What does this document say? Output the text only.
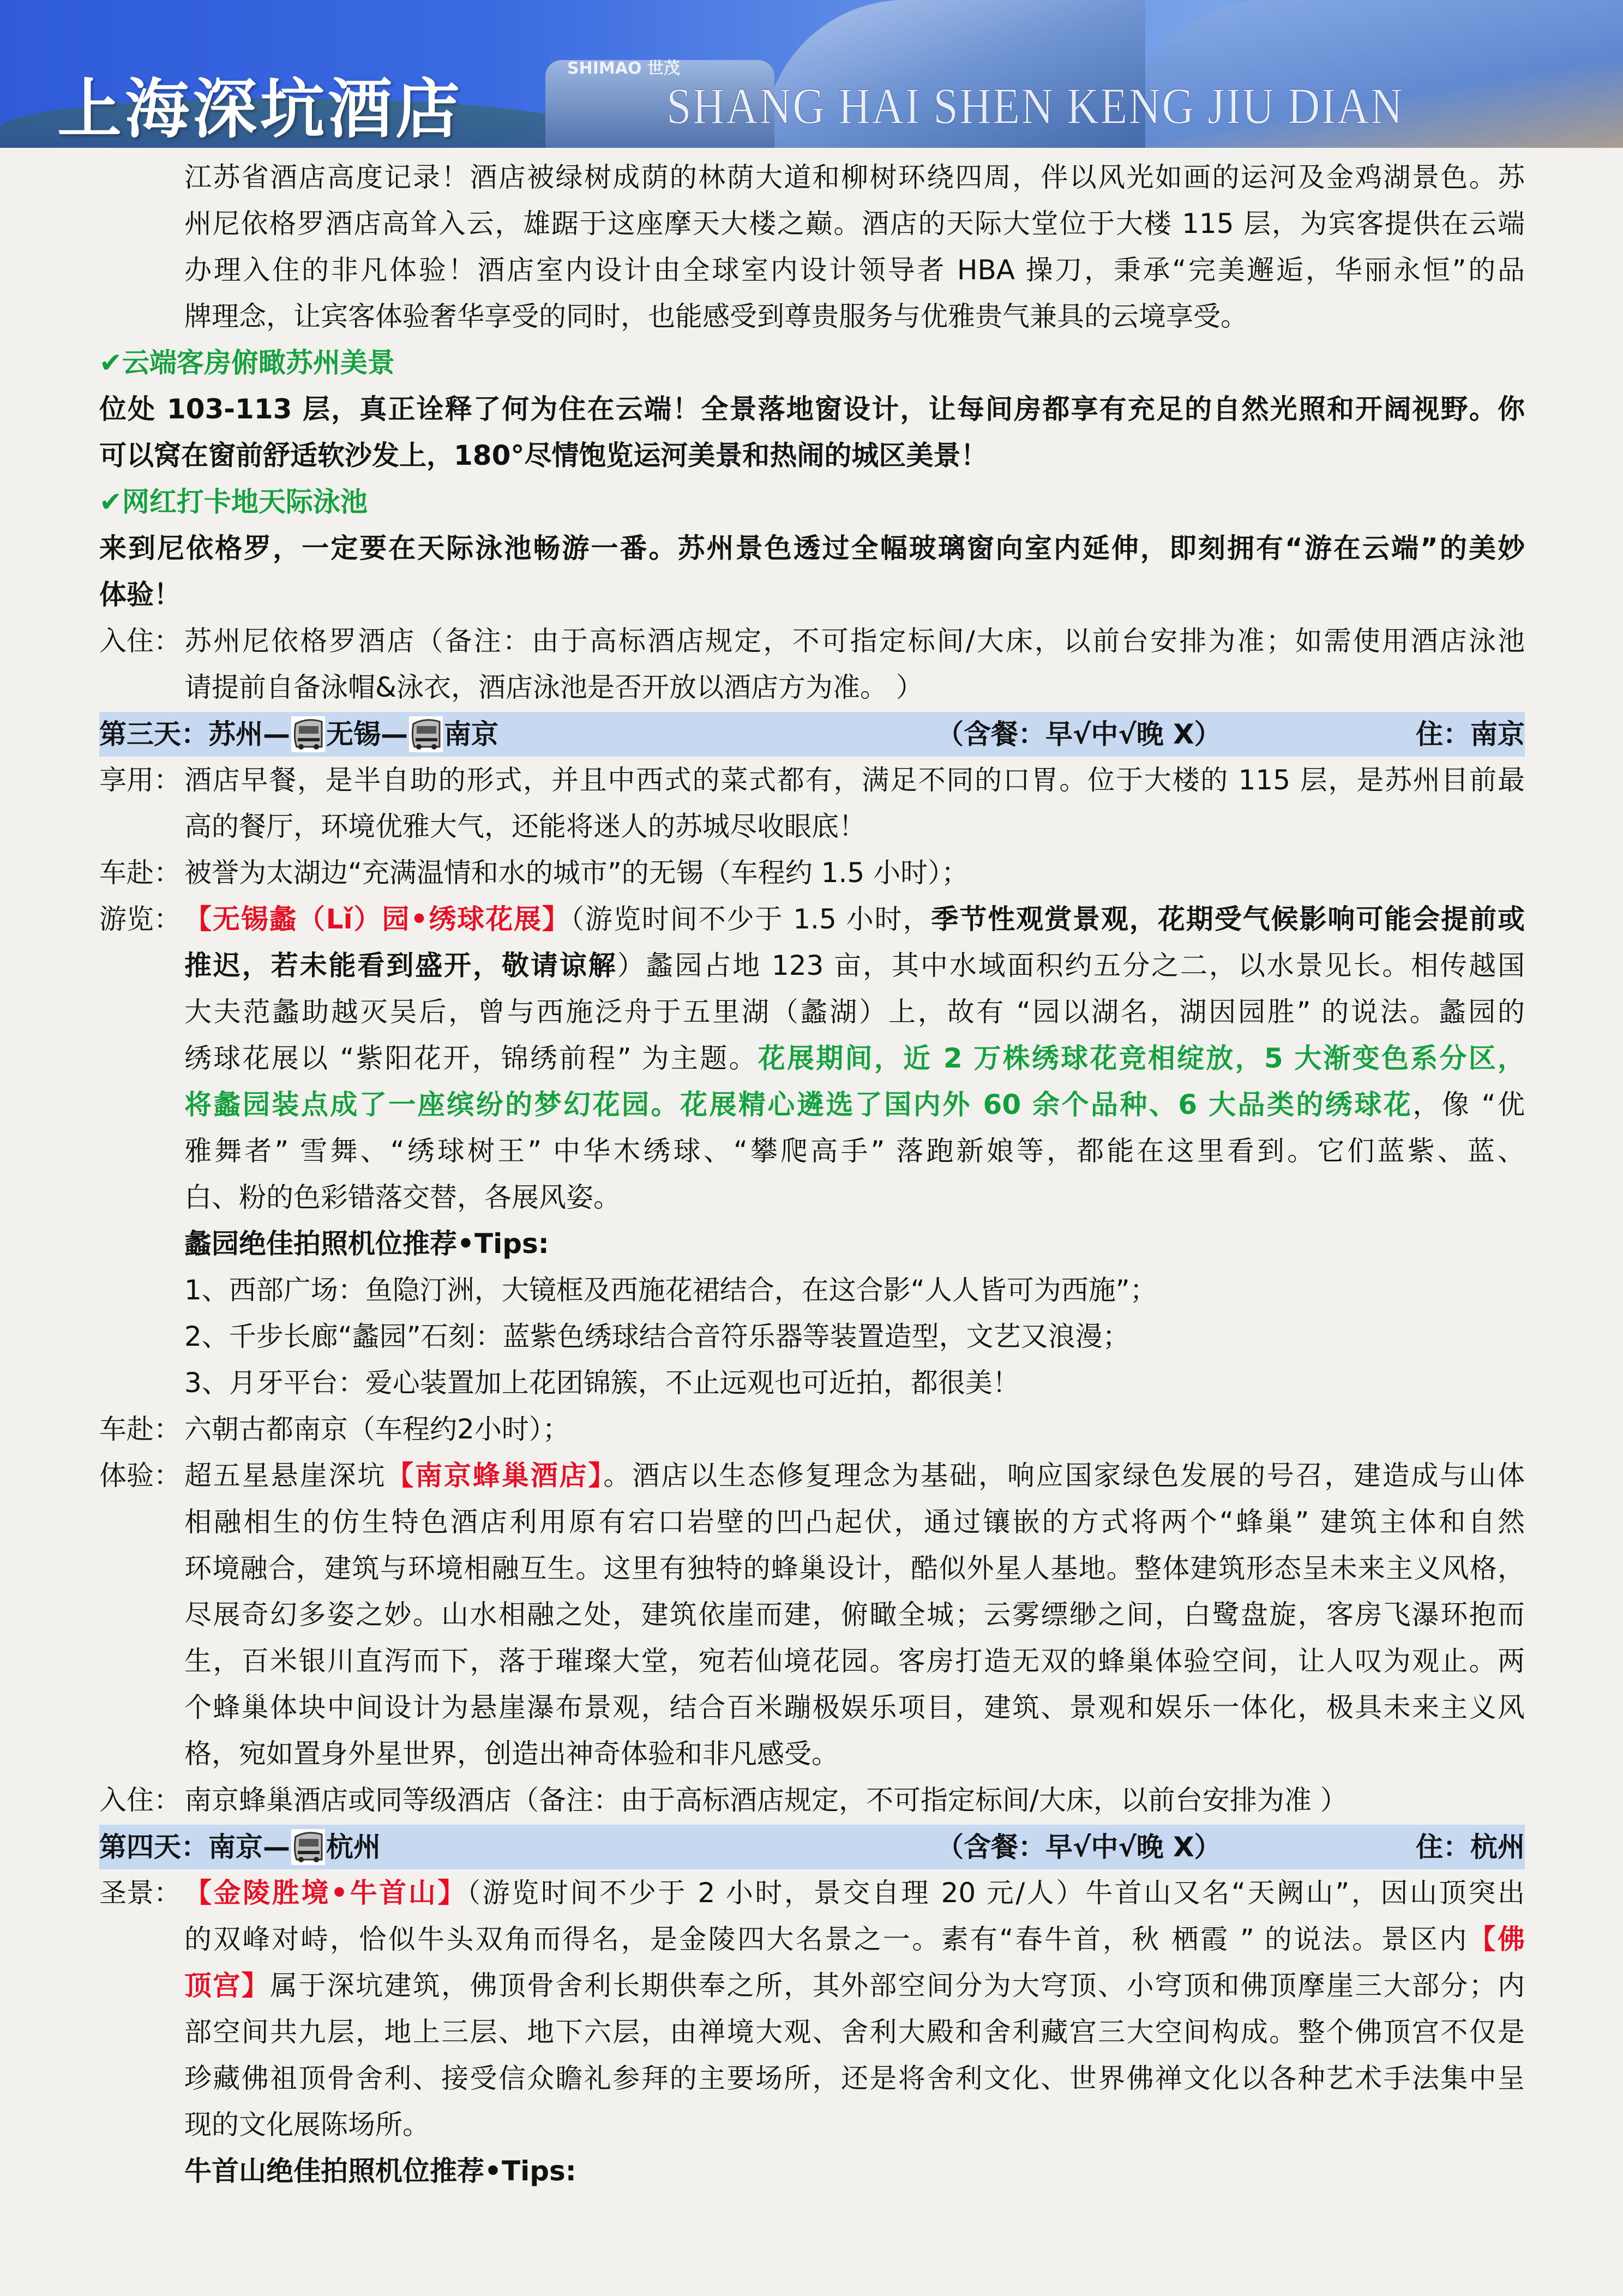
SHIMAO 世茂
上海深坑酒店	SHANG HAI SHEN KENG JIU DIAN
江苏省酒店高度记录！酒店被绿树成荫的林荫大道和柳树环绕四周，伴以风光如画的运河及金鸡湖景色。苏
州尼依格罗酒店高耸入云，雄踞于这座摩天大楼之巅。酒店的天际大堂位于大楼 115 层，为宾客提供在云端
办理入住的非凡体验！酒店室内设计由全球室内设计领导者 HBA 操刀，秉承“完美邂逅，华丽永恒”的品
牌理念，让宾客体验奢华享受的同时，也能感受到尊贵服务与优雅贵气兼具的云境享受。
✔云端客房俯瞰苏州美景
位处 103-113 层，真正诠释了何为住在云端！全景落地窗设计，让每间房都享有充足的自然光照和开阔视野。你
可以窝在窗前舒适软沙发上，180°尽情饱览运河美景和热闹的城区美景！
✔网红打卡地天际泳池
来到尼依格罗，一定要在天际泳池畅游一番。苏州景色透过全幅玻璃窗向室内延伸，即刻拥有“游在云端”的美妙
体验！
入住： 苏州尼依格罗酒店（备注：由于高标酒店规定，不可指定标间/大床，以前台安排为准；如需使用酒店泳池
请提前自备泳帽&泳衣，酒店泳池是否开放以酒店方为准。 ）
第三天：苏州— 无锡— 南京	（含餐：早√中√晚 X）	住：南京
享用： 酒店早餐，是半自助的形式，并且中西式的菜式都有，满足不同的口胃。位于大楼的 115 层，是苏州目前最
高的餐厅，环境优雅大气，还能将迷人的苏城尽收眼底！
车赴： 被誉为太湖边“充满温情和水的城市”的无锡（车程约 1.5 小时）；
游览： 【无锡蠡（Lǐ）园•绣球花展】（游览时间不少于 1.5 小时，季节性观赏景观，花期受气候影响可能会提前或
推迟，若未能看到盛开，敬请谅解）蠡园占地 123 亩，其中水域面积约五分之二，以水景见长。相传越国
大夫范蠡助越灭吴后，曾与西施泛舟于五里湖（蠡湖）上，故有 “园以湖名，湖因园胜” 的说法。蠡园的
绣球花展以 “紫阳花开，锦绣前程” 为主题。花展期间，近 2 万株绣球花竞相绽放，5 大渐变色系分区，
将蠡园装点成了一座缤纷的梦幻花园。花展精心遴选了国内外 60 余个品种、6 大品类的绣球花，像 “优
雅舞者” 雪舞、“绣球树王” 中华木绣球、“攀爬高手” 落跑新娘等，都能在这里看到。它们蓝紫、蓝、
白、粉的色彩错落交替，各展风姿。
蠡园绝佳拍照机位推荐•Tips:
1、西部广场：鱼隐汀洲，大镜框及西施花裙结合，在这合影“人人皆可为西施”；
2、千步长廊“蠡园”石刻：蓝紫色绣球结合音符乐器等装置造型，文艺又浪漫；
3、月牙平台：爱心装置加上花团锦簇，不止远观也可近拍，都很美！
车赴： 六朝古都南京（车程约2小时）；
体验： 超五星悬崖深坑【南京蜂巢酒店】。酒店以生态修复理念为基础，响应国家绿色发展的号召，建造成与山体
相融相生的仿生特色酒店利用原有宕口岩壁的凹凸起伏，通过镶嵌的方式将两个“蜂巢” 建筑主体和自然
环境融合，建筑与环境相融互生。这里有独特的蜂巢设计，酷似外星人基地。整体建筑形态呈未来主义风格，
尽展奇幻多姿之妙。山水相融之处，建筑依崖而建，俯瞰全城；云雾缥缈之间，白鹭盘旋，客房飞瀑环抱而
生，百米银川直泻而下，落于璀璨大堂，宛若仙境花园。客房打造无双的蜂巢体验空间，让人叹为观止。两
个蜂巢体块中间设计为悬崖瀑布景观，结合百米蹦极娱乐项目，建筑、景观和娱乐一体化，极具未来主义风
格，宛如置身外星世界，创造出神奇体验和非凡感受。
入住： 南京蜂巢酒店或同等级酒店（备注：由于高标酒店规定，不可指定标间/大床，以前台安排为准 ）
第四天：南京— 杭州	（含餐：早√中√晚 X）	住：杭州
圣景： 【金陵胜境•牛首山】（游览时间不少于 2 小时，景交自理 20 元/人）牛首山又名“天阙山”，因山顶突出
的双峰对峙，恰似牛头双角而得名，是金陵四大名景之一。素有“春牛首，秋 栖霞 ” 的说法。景区内【佛
顶宫】属于深坑建筑，佛顶骨舍利长期供奉之所，其外部空间分为大穹顶、小穹顶和佛顶摩崖三大部分；内
部空间共九层，地上三层、地下六层，由禅境大观、舍利大殿和舍利藏宫三大空间构成。整个佛顶宫不仅是
珍藏佛祖顶骨舍利、接受信众瞻礼参拜的主要场所，还是将舍利文化、世界佛禅文化以各种艺术手法集中呈
现的文化展陈场所。
牛首山绝佳拍照机位推荐•Tips:
